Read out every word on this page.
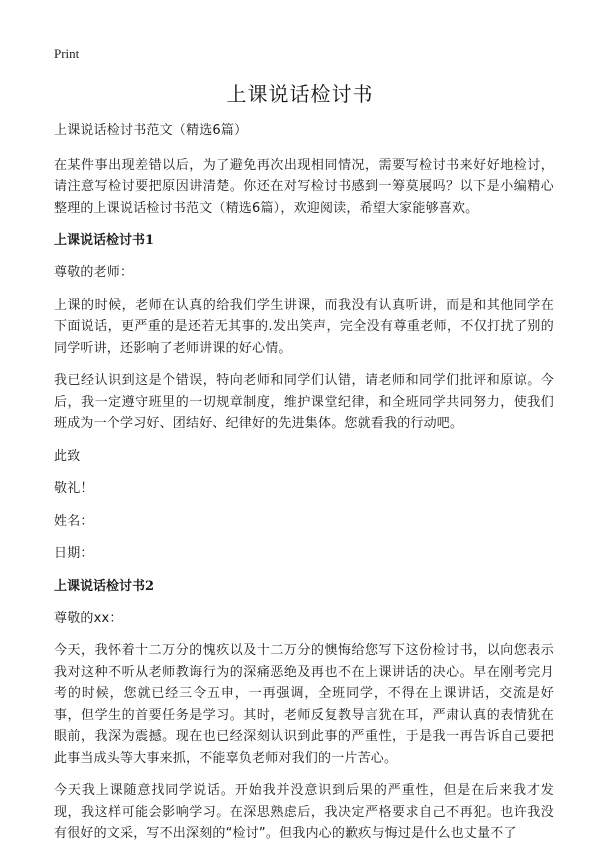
Print
上课说话检讨书

上课说话检讨书范文（精选6篇）

在某件事出现差错以后，为了避免再次出现相同情况，需要写检讨书来好好地检讨，请注意写检讨要把原因讲清楚。你还在对写检讨书感到一筹莫展吗？以下是小编精心整理的上课说话检讨书范文（精选6篇），欢迎阅读，希望大家能够喜欢。

上课说话检讨书1

尊敬的老师：

上课的时候，老师在认真的给我们学生讲课，而我没有认真听讲，而是和其他同学在下面说话，更严重的是还若无其事的.发出笑声，完全没有尊重老师，不仅打扰了别的同学听讲，还影响了老师讲课的好心情。

我已经认识到这是个错误，特向老师和同学们认错，请老师和同学们批评和原谅。今后，我一定遵守班里的一切规章制度，维护课堂纪律，和全班同学共同努力，使我们班成为一个学习好、团结好、纪律好的先进集体。您就看我的行动吧。

此致

敬礼！

姓名：

日期：

上课说话检讨书2

尊敬的xx：

今天，我怀着十二万分的愧疚以及十二万分的懊悔给您写下这份检讨书，以向您表示我对这种不听从老师教诲行为的深痛恶绝及再也不在上课讲话的决心。早在刚考完月考的时候，您就已经三令五申，一再强调，全班同学，不得在上课讲话，交流是好事，但学生的首要任务是学习。其时，老师反复教导言犹在耳，严肃认真的表情犹在眼前，我深为震撼。现在也已经深刻认识到此事的严重性，于是我一再告诉自己要把此事当成头等大事来抓，不能辜负老师对我们的一片苦心。

今天我上课随意找同学说话。开始我并没意识到后果的严重性，但是在后来我才发现，我这样可能会影响学习。在深思熟虑后，我决定严格要求自己不再犯。也许我没有很好的文采，写不出深刻的“检讨”。但我内心的歉疚与悔过是什么也丈量不了
